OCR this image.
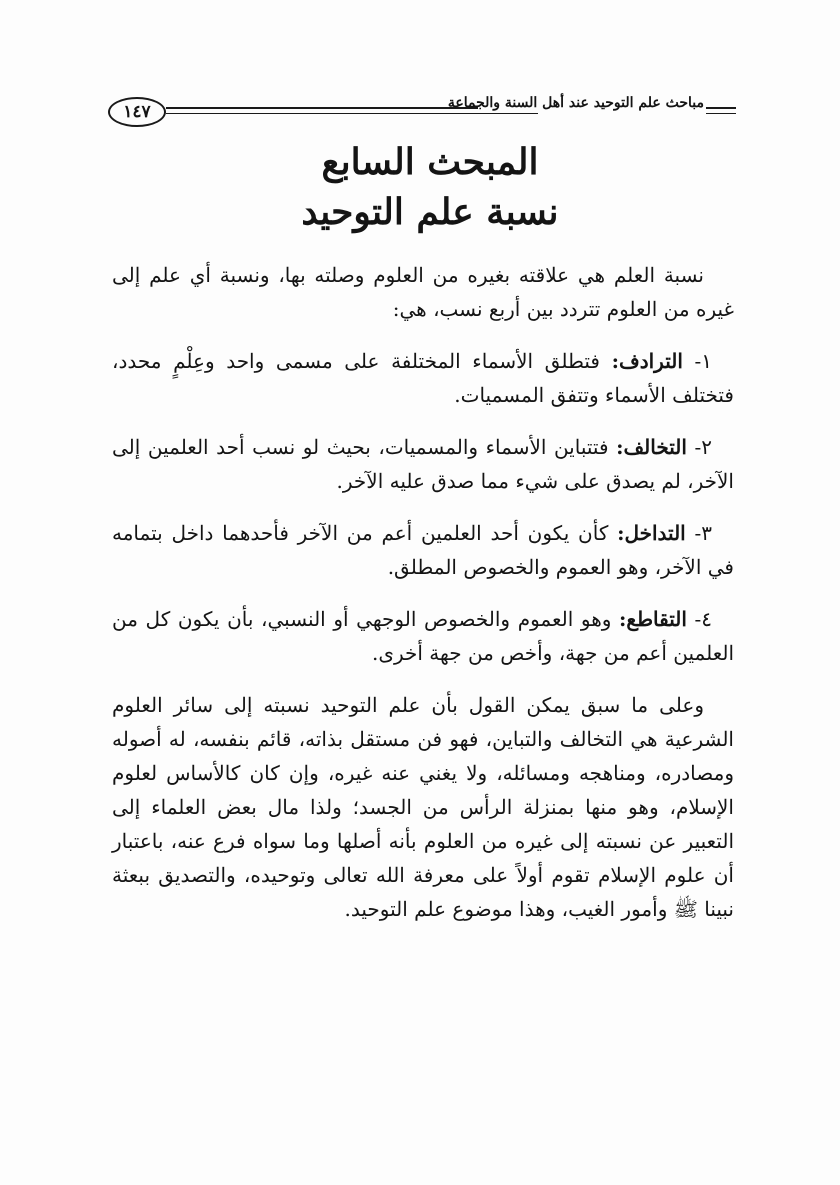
١٤٧	مباحث علم التوحيد عند أهل السنة والجماعة
المبحث السابع
نسبة علم التوحيد

نسبة العلم هي علاقته بغيره من العلوم وصلته بها، ونسبة أي علم إلى غيره من العلوم تتردد بين أربع نسب، هي:

١- الترادف: فتطلق الأسماء المختلفة على مسمى واحد وعِلْمٍ محدد، فتختلف الأسماء وتتفق المسميات.

٢- التخالف: فتتباين الأسماء والمسميات، بحيث لو نسب أحد العلمين إلى الآخر، لم يصدق على شيء مما صدق عليه الآخر.

٣- التداخل: كأن يكون أحد العلمين أعم من الآخر فأحدهما داخل بتمامه في الآخر، وهو العموم والخصوص المطلق.

٤- التقاطع: وهو العموم والخصوص الوجهي أو النسبي، بأن يكون كل من العلمين أعم من جهة، وأخص من جهة أخرى.

وعلى ما سبق يمكن القول بأن علم التوحيد نسبته إلى سائر العلوم الشرعية هي التخالف والتباين، فهو فن مستقل بذاته، قائم بنفسه، له أصوله ومصادره، ومناهجه ومسائله، ولا يغني عنه غيره، وإن كان كالأساس لعلوم الإسلام، وهو منها بمنزلة الرأس من الجسد؛ ولذا مال بعض العلماء إلى التعبير عن نسبته إلى غيره من العلوم بأنه أصلها وما سواه فرع عنه، باعتبار أن علوم الإسلام تقوم أولاً على معرفة الله تعالى وتوحيده، والتصديق ببعثة نبينا ﷺ وأمور الغيب، وهذا موضوع علم التوحيد.
